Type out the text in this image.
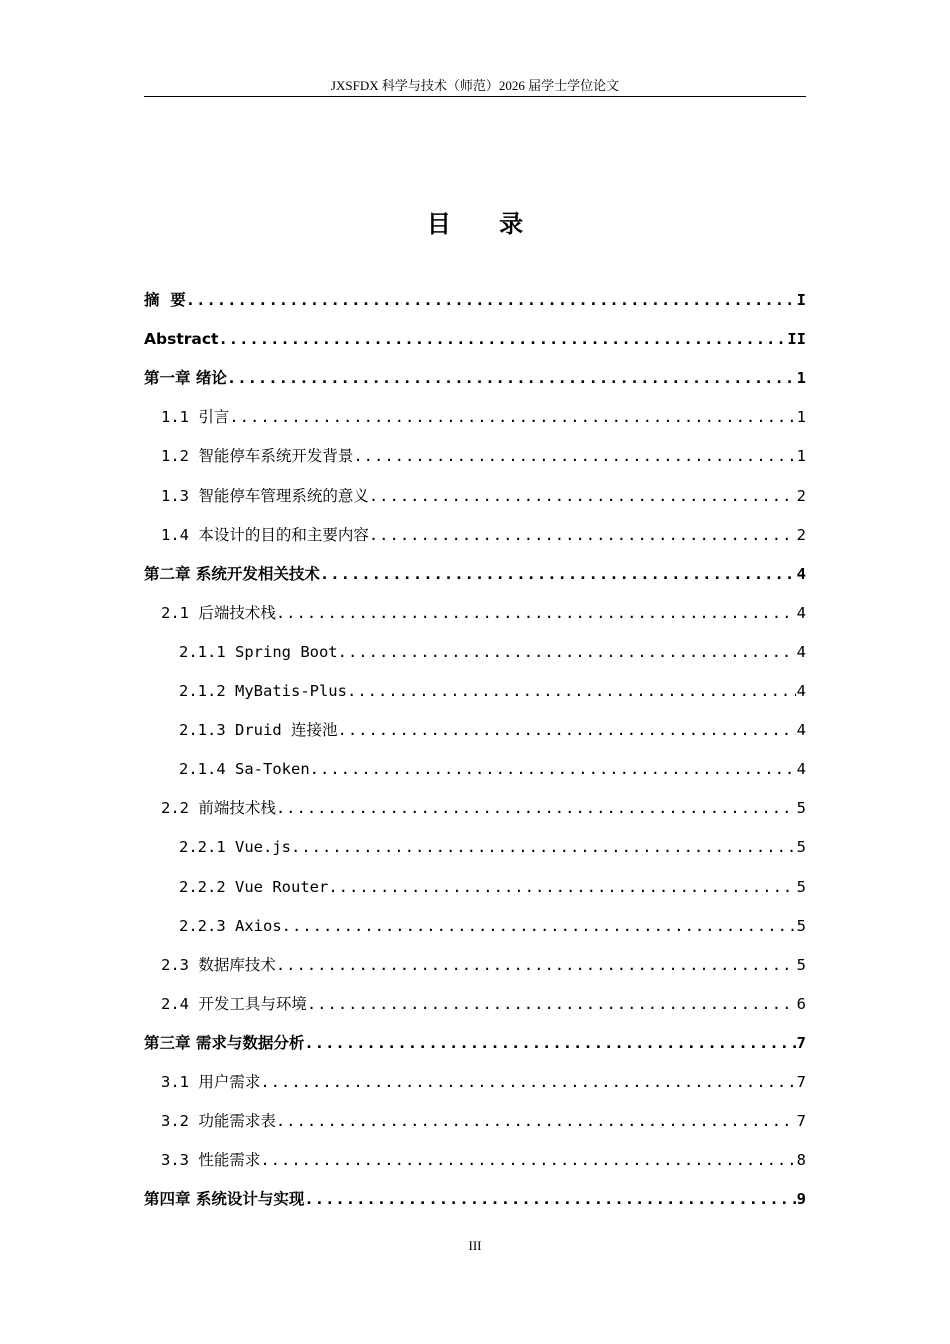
JXSFDX 科学与技术（师范）2026 届学士学位论文
目 录
摘  要 .....	I
Abstract .....	II
第一章 绪论 .....	1
1.1 引言 .....	1
1.2 智能停车系统开发背景 .....	1
1.3 智能停车管理系统的意义 .....	2
1.4 本设计的目的和主要内容 .....	2
第二章 系统开发相关技术 .....	4
2.1 后端技术栈 .....	4
2.1.1 Spring Boot .....	4
2.1.2 MyBatis-Plus .....	4
2.1.3 Druid 连接池 .....	4
2.1.4 Sa-Token .....	4
2.2 前端技术栈 .....	5
2.2.1 Vue.js .....	5
2.2.2 Vue Router .....	5
2.2.3 Axios .....	5
2.3 数据库技术 .....	5
2.4 开发工具与环境 .....	6
第三章 需求与数据分析 .....	7
3.1 用户需求 .....	7
3.2 功能需求表 .....	7
3.3 性能需求 .....	8
第四章 系统设计与实现 .....	9
III
